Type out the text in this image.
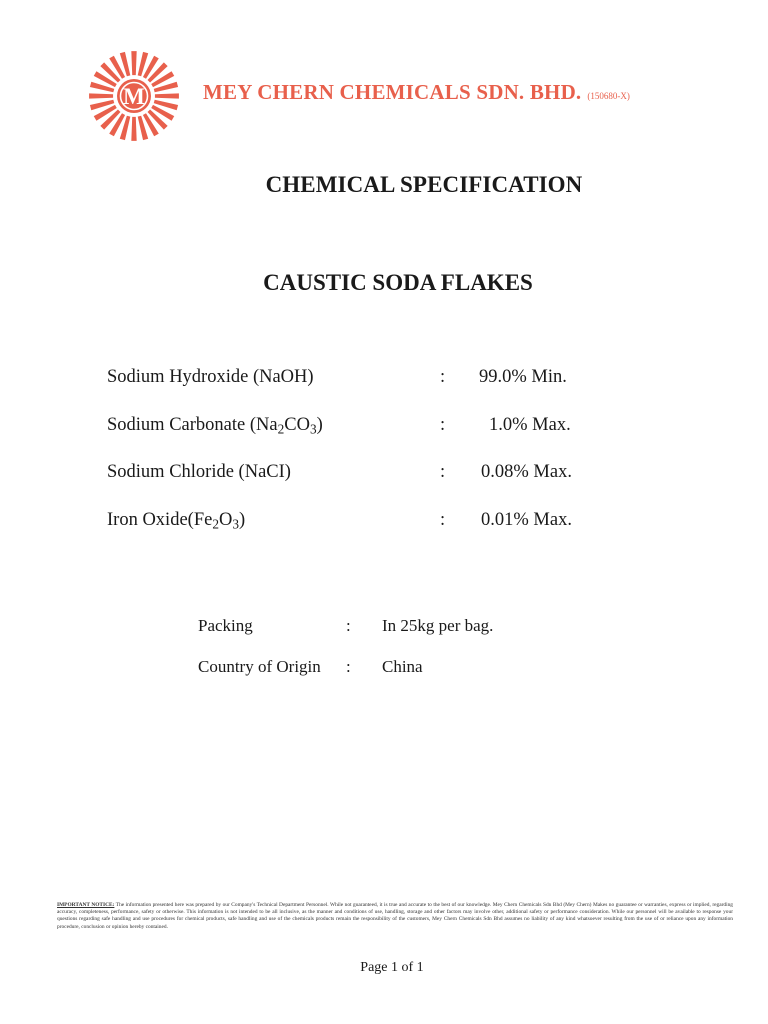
M	MEY CHERN CHEMICALS SDN. BHD. (150680-X)
CHEMICAL SPECIFICATION
CAUSTIC SODA FLAKES
Sodium Hydroxide (NaOH)	: 99.0% Min.
Sodium Carbonate $(Na_2CO_3)$	: 1.0% Max.
Sodium Chloride (NaCI)	: 0.08% Max.
Iron $Oxide(Fe_2O_3)$	: 0.01% Max.
Packing	: In 25kg per bag.
Country of Origin : China
IMPORTANT NOTICE: The information presented here was prepared by our Company's Technical Department Personnel. While not guaranteed, it is true and accurate to the best of our knowledge. Mey Chern Chemicals Sdn Bhd (Mey Chern) Makes no guarantee or warranties, express or implied, regarding accuracy, completeness, performance, safety or otherwise. This information is not intended to be all inclusive, as the manner and conditions of use, handling, storage and other factors may involve other, additional safety or performance consideration. While our personnel will be available to response your questions regarding safe handling and use procedures for chemical products, safe handling and use of the chemicals products remain the responsibility of the customers, Mey Chern Chemicals Sdn Bhd assumes no liability of any kind whatsoever resulting from the use of or reliance upon any information procedure, conclusion or opinion hereby contained.
Page 1 of 1
